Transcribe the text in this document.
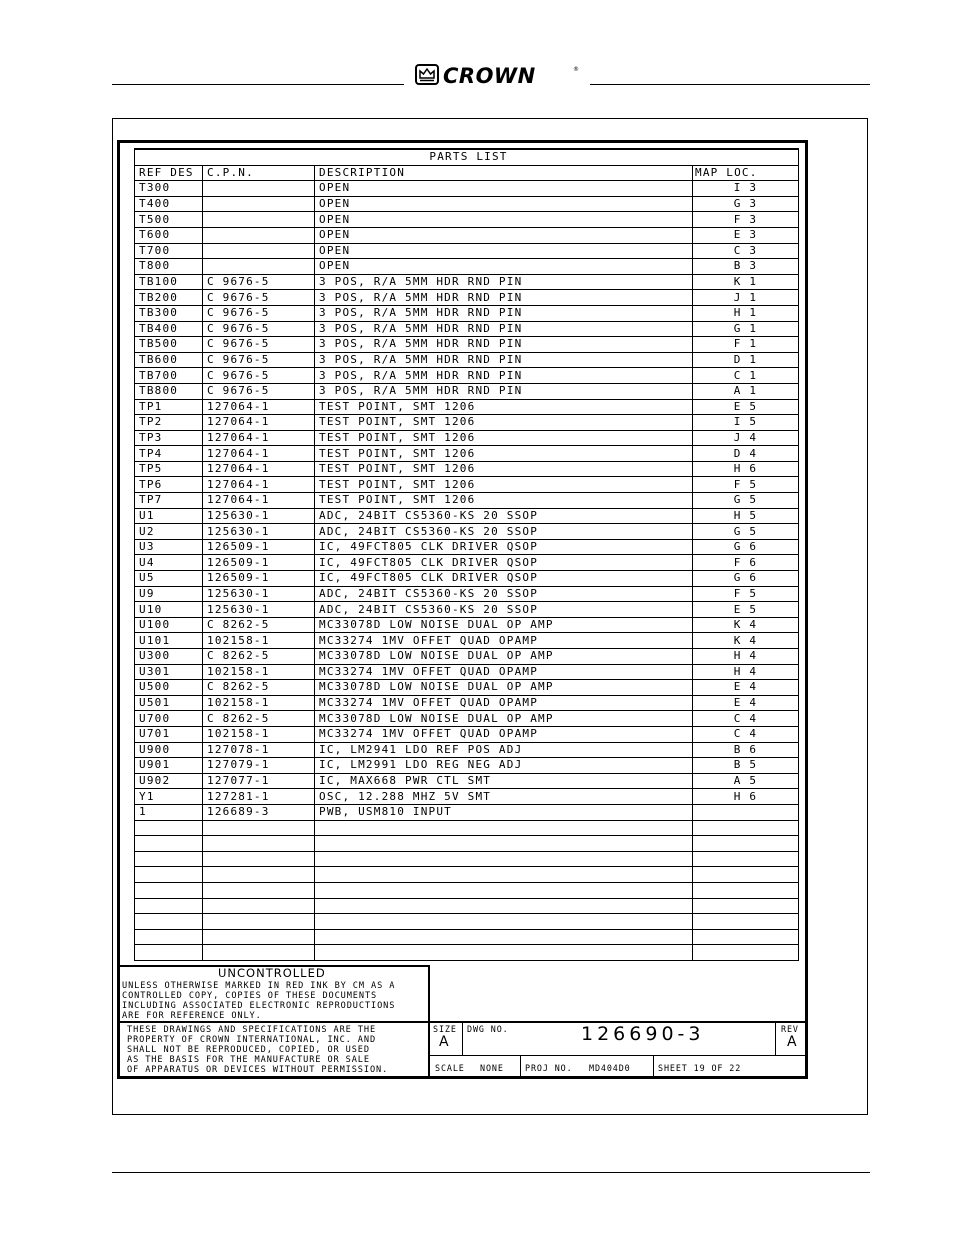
CROWN	®
PARTS LIST			
REF DES	C.P.N.	DESCRIPTION	MAP LOC.
T300		OPEN	I 3
T400		OPEN	G 3
T500		OPEN	F 3
T600		OPEN	E 3
T700		OPEN	C 3
T800		OPEN	B 3
TB100	C 9676-5	3 POS, R/A 5MM HDR RND PIN	K 1
TB200	C 9676-5	3 POS, R/A 5MM HDR RND PIN	J 1
TB300	C 9676-5	3 POS, R/A 5MM HDR RND PIN	H 1
TB400	C 9676-5	3 POS, R/A 5MM HDR RND PIN	G 1
TB500	C 9676-5	3 POS, R/A 5MM HDR RND PIN	F 1
TB600	C 9676-5	3 POS, R/A 5MM HDR RND PIN	D 1
TB700	C 9676-5	3 POS, R/A 5MM HDR RND PIN	C 1
TB800	C 9676-5	3 POS, R/A 5MM HDR RND PIN	A 1
TP1	127064-1	TEST POINT, SMT 1206	E 5
TP2	127064-1	TEST POINT, SMT 1206	I 5
TP3	127064-1	TEST POINT, SMT 1206	J 4
TP4	127064-1	TEST POINT, SMT 1206	D 4
TP5	127064-1	TEST POINT, SMT 1206	H 6
TP6	127064-1	TEST POINT, SMT 1206	F 5
TP7	127064-1	TEST POINT, SMT 1206	G 5
U1	125630-1	ADC, 24BIT CS5360-KS 20 SSOP	H 5
U2	125630-1	ADC, 24BIT CS5360-KS 20 SSOP	G 5
U3	126509-1	IC, 49FCT805 CLK DRIVER QSOP	G 6
U4	126509-1	IC, 49FCT805 CLK DRIVER QSOP	F 6
U5	126509-1	IC, 49FCT805 CLK DRIVER QSOP	G 6
U9	125630-1	ADC, 24BIT CS5360-KS 20 SSOP	F 5
U10	125630-1	ADC, 24BIT CS5360-KS 20 SSOP	E 5
U100	C 8262-5	MC33078D LOW NOISE DUAL OP AMP	K 4
U101	102158-1	MC33274 1MV OFFET QUAD OPAMP	K 4
U300	C 8262-5	MC33078D LOW NOISE DUAL OP AMP	H 4
U301	102158-1	MC33274 1MV OFFET QUAD OPAMP	H 4
U500	C 8262-5	MC33078D LOW NOISE DUAL OP AMP	E 4
U501	102158-1	MC33274 1MV OFFET QUAD OPAMP	E 4
U700	C 8262-5	MC33078D LOW NOISE DUAL OP AMP	C 4
U701	102158-1	MC33274 1MV OFFET QUAD OPAMP	C 4
U900	127078-1	IC, LM2941 LDO REF POS ADJ	B 6
U901	127079-1	IC, LM2991 LDO REG NEG ADJ	B 5
U902	127077-1	IC, MAX668 PWR CTL SMT	A 5
Y1	127281-1	OSC, 12.288 MHZ 5V SMT	H 6
1	126689-3	PWB, USM810 INPUT	

UNCONTROLLED
UNLESS OTHERWISE MARKED IN RED INK BY CM AS A
CONTROLLED COPY, COPIES OF THESE DOCUMENTS
INCLUDING ASSOCIATED ELECTRONIC REPRODUCTIONS
ARE FOR REFERENCE ONLY.
THESE DRAWINGS AND SPECIFICATIONS ARE THE
PROPERTY OF CROWN INTERNATIONAL, INC. AND
SHALL NOT BE REPRODUCED, COPIED, OR USED
AS THE BASIS FOR THE MANUFACTURE OR SALE
OF APPARATUS OR DEVICES WITHOUT PERMISSION.
SIZE
A
DWG NO.	126690-3	REV
A
SCALE NONE	PROJ NO. MD404D0	SHEET 19 OF 22
